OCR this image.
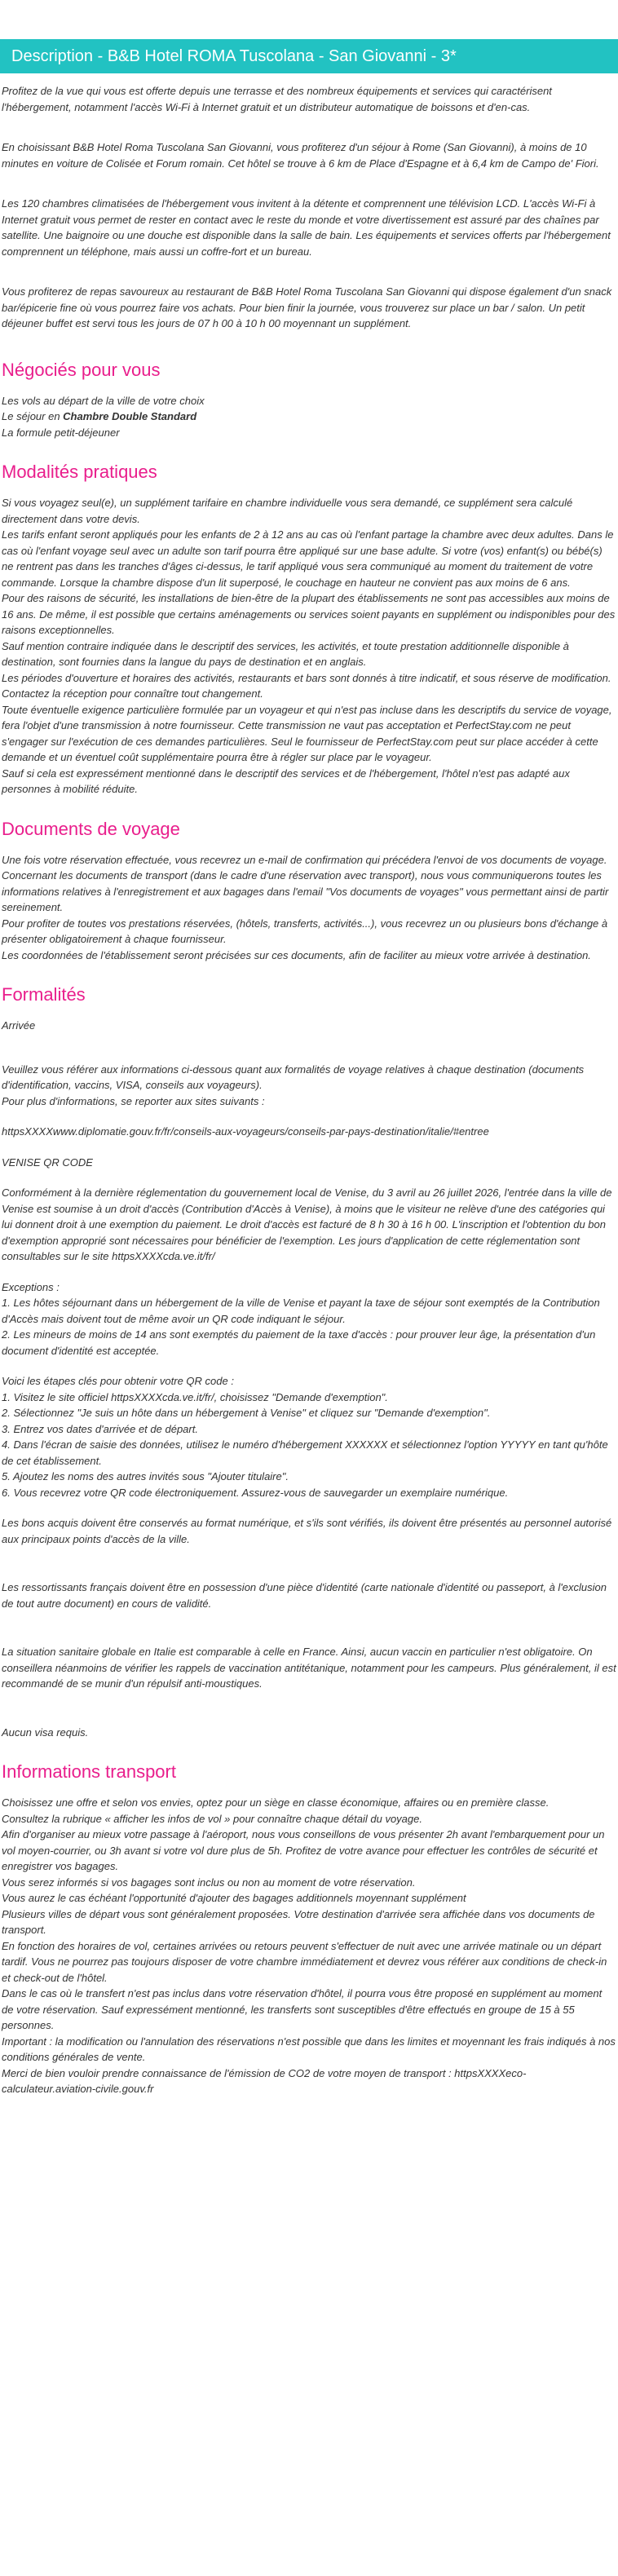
Description - B&B Hotel ROMA Tuscolana - San Giovanni - 3*

Profitez de la vue qui vous est offerte depuis une terrasse et des nombreux équipements et services qui caractérisent l'hébergement, notamment l'accès Wi-Fi à Internet gratuit et un distributeur automatique de boissons et d'en-cas.

En choisissant B&B Hotel Roma Tuscolana San Giovanni, vous profiterez d'un séjour à Rome (San Giovanni), à moins de 10 minutes en voiture de Colisée et Forum romain. Cet hôtel se trouve à 6 km de Place d'Espagne et à 6,4 km de Campo de' Fiori.

Les 120 chambres climatisées de l'hébergement vous invitent à la détente et comprennent une télévision LCD. L'accès Wi-Fi à Internet gratuit vous permet de rester en contact avec le reste du monde et votre divertissement est assuré par des chaînes par satellite. Une baignoire ou une douche est disponible dans la salle de bain. Les équipements et services offerts par l'hébergement comprennent un téléphone, mais aussi un coffre-fort et un bureau.

Vous profiterez de repas savoureux au restaurant de B&B Hotel Roma Tuscolana San Giovanni qui dispose également d'un snack bar/épicerie fine où vous pourrez faire vos achats. Pour bien finir la journée, vous trouverez sur place un bar / salon. Un petit déjeuner buffet est servi tous les jours de 07 h 00 à 10 h 00 moyennant un supplément.

Négociés pour vous

Les vols au départ de la ville de votre choix

Le séjour en Chambre Double Standard

La formule petit-déjeuner

Modalités pratiques

Si vous voyagez seul(e), un supplément tarifaire en chambre individuelle vous sera demandé, ce supplément sera calculé directement dans votre devis.

Les tarifs enfant seront appliqués pour les enfants de 2 à 12 ans au cas où l'enfant partage la chambre avec deux adultes. Dans le cas où l'enfant voyage seul avec un adulte son tarif pourra être appliqué sur une base adulte. Si votre (vos) enfant(s) ou bébé(s) ne rentrent pas dans les tranches d'âges ci-dessus, le tarif appliqué vous sera communiqué au moment du traitement de votre commande. Lorsque la chambre dispose d'un lit superposé, le couchage en hauteur ne convient pas aux moins de 6 ans.

Pour des raisons de sécurité, les installations de bien-être de la plupart des établissements ne sont pas accessibles aux moins de 16 ans. De même, il est possible que certains aménagements ou services soient payants en supplément ou indisponibles pour des raisons exceptionnelles.

Sauf mention contraire indiquée dans le descriptif des services, les activités, et toute prestation additionnelle disponible à destination, sont fournies dans la langue du pays de destination et en anglais.

Les périodes d'ouverture et horaires des activités, restaurants et bars sont donnés à titre indicatif, et sous réserve de modification. Contactez la réception pour connaître tout changement.

Toute éventuelle exigence particulière formulée par un voyageur et qui n'est pas incluse dans les descriptifs du service de voyage, fera l'objet d'une transmission à notre fournisseur. Cette transmission ne vaut pas acceptation et PerfectStay.com ne peut s'engager sur l'exécution de ces demandes particulières. Seul le fournisseur de PerfectStay.com peut sur place accéder à cette demande et un éventuel coût supplémentaire pourra être à régler sur place par le voyageur.

Sauf si cela est expressément mentionné dans le descriptif des services et de l'hébergement, l'hôtel n'est pas adapté aux personnes à mobilité réduite.

Documents de voyage

Une fois votre réservation effectuée, vous recevrez un e-mail de confirmation qui précédera l'envoi de vos documents de voyage.

Concernant les documents de transport (dans le cadre d'une réservation avec transport), nous vous communiquerons toutes les informations relatives à l'enregistrement et aux bagages dans l'email "Vos documents de voyages" vous permettant ainsi de partir sereinement.

Pour profiter de toutes vos prestations réservées, (hôtels, transferts, activités...), vous recevrez un ou plusieurs bons d'échange à présenter obligatoirement à chaque fournisseur.

Les coordonnées de l'établissement seront précisées sur ces documents, afin de faciliter au mieux votre arrivée à destination.

Formalités

Arrivée

Veuillez vous référer aux informations ci-dessous quant aux formalités de voyage relatives à chaque destination (documents d'identification, vaccins, VISA, conseils aux voyageurs).

Pour plus d'informations, se reporter aux sites suivants :

httpsXXXXwww.diplomatie.gouv.fr/fr/conseils-aux-voyageurs/conseils-par-pays-destination/italie/#entree

VENISE QR CODE

Conformément à la dernière réglementation du gouvernement local de Venise, du 3 avril au 26 juillet 2026, l'entrée dans la ville de Venise est soumise à un droit d'accès (Contribution d'Accès à Venise), à moins que le visiteur ne relève d'une des catégories qui lui donnent droit à une exemption du paiement. Le droit d'accès est facturé de 8 h 30 à 16 h 00. L'inscription et l'obtention du bon d'exemption approprié sont nécessaires pour bénéficier de l'exemption. Les jours d'application de cette réglementation sont consultables sur le site httpsXXXXcda.ve.it/fr/

Exceptions :

1. Les hôtes séjournant dans un hébergement de la ville de Venise et payant la taxe de séjour sont exemptés de la Contribution d'Accès mais doivent tout de même avoir un QR code indiquant le séjour.

2. Les mineurs de moins de 14 ans sont exemptés du paiement de la taxe d'accès : pour prouver leur âge, la présentation d'un document d'identité est acceptée.

Voici les étapes clés pour obtenir votre QR code :

1. Visitez le site officiel httpsXXXXcda.ve.it/fr/, choisissez "Demande d'exemption".

2. Sélectionnez "Je suis un hôte dans un hébergement à Venise" et cliquez sur "Demande d'exemption".

3. Entrez vos dates d'arrivée et de départ.

4. Dans l'écran de saisie des données, utilisez le numéro d'hébergement XXXXXX et sélectionnez l'option YYYYY en tant qu'hôte de cet établissement.

5. Ajoutez les noms des autres invités sous "Ajouter titulaire".

6. Vous recevrez votre QR code électroniquement. Assurez-vous de sauvegarder un exemplaire numérique.

Les bons acquis doivent être conservés au format numérique, et s'ils sont vérifiés, ils doivent être présentés au personnel autorisé aux principaux points d'accès de la ville.

Les ressortissants français doivent être en possession d'une pièce d'identité (carte nationale d'identité ou passeport, à l'exclusion de tout autre document) en cours de validité.

La situation sanitaire globale en Italie est comparable à celle en France. Ainsi, aucun vaccin en particulier n'est obligatoire. On conseillera néanmoins de vérifier les rappels de vaccination antitétanique, notamment pour les campeurs. Plus généralement, il est recommandé de se munir d'un répulsif anti-moustiques.

Aucun visa requis.

Informations transport

Choisissez une offre et selon vos envies, optez pour un siège en classe économique, affaires ou en première classe.

Consultez la rubrique « afficher les infos de vol » pour connaître chaque détail du voyage.

Afin d'organiser au mieux votre passage à l'aéroport, nous vous conseillons de vous présenter 2h avant l'embarquement pour un vol moyen-courrier, ou 3h avant si votre vol dure plus de 5h. Profitez de votre avance pour effectuer les contrôles de sécurité et enregistrer vos bagages.

Vous serez informés si vos bagages sont inclus ou non au moment de votre réservation.

Vous aurez le cas échéant l'opportunité d'ajouter des bagages additionnels moyennant supplément

Plusieurs villes de départ vous sont généralement proposées. Votre destination d'arrivée sera affichée dans vos documents de transport.

En fonction des horaires de vol, certaines arrivées ou retours peuvent s'effectuer de nuit avec une arrivée matinale ou un départ tardif. Vous ne pourrez pas toujours disposer de votre chambre immédiatement et devrez vous référer aux conditions de check-in et check-out de l'hôtel.

Dans le cas où le transfert n'est pas inclus dans votre réservation d'hôtel, il pourra vous être proposé en supplément au moment de votre réservation. Sauf expressément mentionné, les transferts sont susceptibles d'être effectués en groupe de 15 à 55 personnes.

Important : la modification ou l'annulation des réservations n'est possible que dans les limites et moyennant les frais indiqués à nos conditions générales de vente.

Merci de bien vouloir prendre connaissance de l'émission de CO2 de votre moyen de transport : httpsXXXXeco-calculateur.aviation-civile.gouv.fr
